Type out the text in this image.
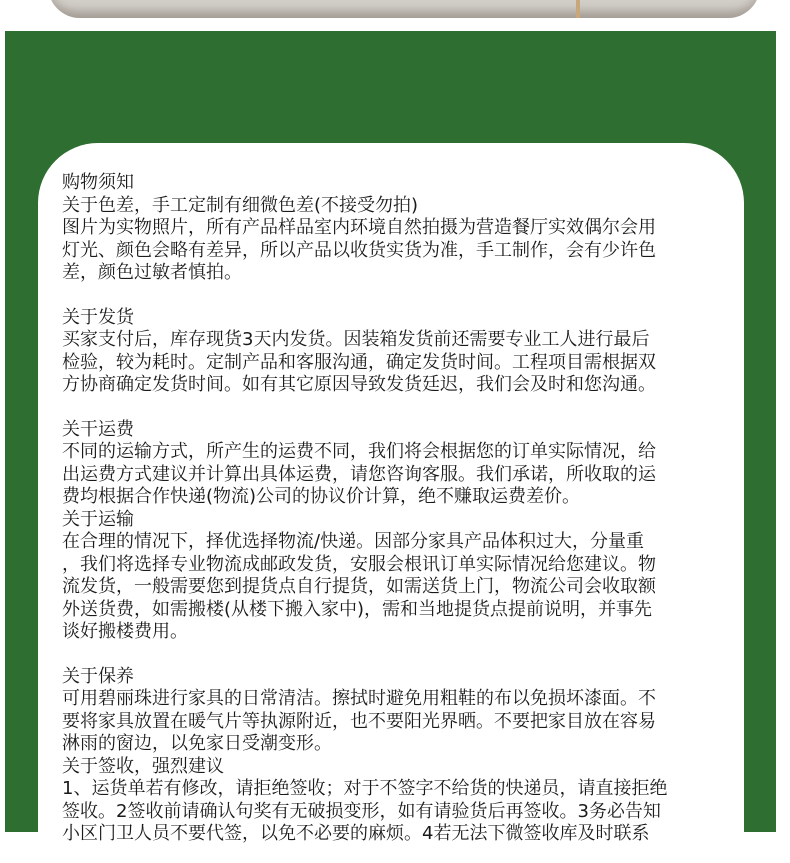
购物须知

关于色差，手工定制有细微色差(不接受勿拍)

图片为实物照片，所有产品样品室内环境自然拍摄为营造餐厅实效偶尔会用

灯光、颜色会略有差异，所以产品以收货实货为准，手工制作，会有少许色

差，颜色过敏者慎拍。

关于发货

买家支付后，库存现货3天内发货。因装箱发货前还需要专业工人进行最后

检验，较为耗时。定制产品和客服沟通，确定发货时间。工程项目需根据双

方协商确定发货时间。如有其它原因导致发货廷迟，我们会及时和您沟通。

关干运费

不同的运输方式，所产生的运费不同，我们将会根据您的订单实际情况，给

出运费方式建议并计算出具体运费，请您咨询客服。我们承诺，所收取的运

费均根据合作快递(物流)公司的协议价计算，绝不赚取运费差价。

关于运输

在合理的情况下，择优选择物流/快递。因部分家具产品体积过大，分量重

，我们将选择专业物流成邮政发货，安服会根讯订单实际情况给您建议。物

流发货，一般需要您到提货点自行提货，如需送货上门，物流公司会收取额

外送货费，如需搬楼(从楼下搬入家中)，需和当地提货点提前说明，并事先

谈好搬楼费用。

关于保养

可用碧丽珠进行家具的日常清洁。擦拭时避免用粗鞋的布以免损坏漆面。不

要将家具放置在暖气片等执源附近，也不要阳光界晒。不要把家目放在容易

淋雨的窗边，以免家日受潮变形。

关于签收，强烈建议

1、运货单若有修改，请拒绝签收；对于不签字不给货的快递员，请直接拒绝

签收。2签收前请确认句奖有无破损变形，如有请验货后再签收。3务必告知

小区门卫人员不要代签，以免不必要的麻烦。4若无法下微签收库及时联系
